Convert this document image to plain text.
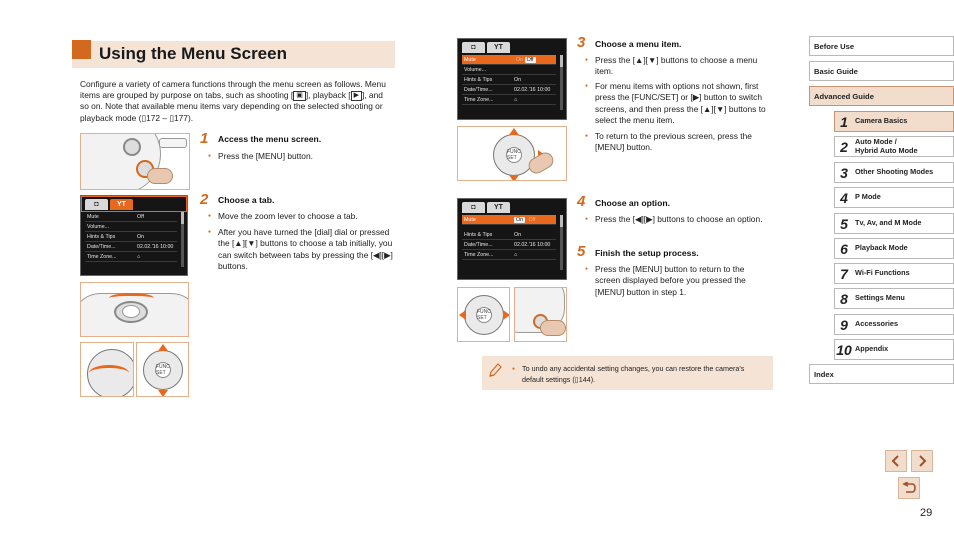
Using the Menu Screen
Configure a variety of camera functions through the menu screen as follows. Menu items are grouped by purpose on tabs, such as shooting [ ▣ ], playback [ ▶ ], and so on. Note that available menu items vary depending on the selected shooting or playback mode (▯172 – ▯177).
◘	YT
Mute	Off
Volume...
Hints & Tips	On
Date/Time...	02.02.'16 10:00
Time Zone...	⌂
FUNC SET
1 Access the menu screen.
● Press the [MENU] button.
2 Choose a tab.
● Move the zoom lever to choose a tab.
● After you have turned the [dial] dial or pressed the [▲][▼] buttons to choose a tab initially, you can switch between tabs by pressing the [◀][▶] buttons.
◘	YT
Mute	On Off
Volume...
Hints & Tips	On
Date/Time...	02.02.'16 10:00
Time Zone...	⌂
FUNC SET
◘	YT
Mute	On Off
Hints & Tips	On
Date/Time...	02.02.'16 10:00
Time Zone...	⌂
FUNC SET
3 Choose a menu item.
● Press the [▲][▼] buttons to choose a menu item.
● For menu items with options not shown, first press the [FUNC/SET] or [▶] button to switch screens, and then press the [▲][▼] buttons to select the menu item.
● To return to the previous screen, press the [MENU] button.
4 Choose an option.
● Press the [◀][▶] buttons to choose an option.
5 Finish the setup process.
● Press the [MENU] button to return to the screen displayed before you pressed the [MENU] button in step 1.
● To undo any accidental setting changes, you can restore the camera's default settings (▯144).
Before Use
Basic Guide
Advanced Guide
1 Camera Basics
2 Auto Mode /
Hybrid Auto Mode
3 Other Shooting Modes
4 P Mode
5 Tv, Av, and M Mode
6 Playback Mode
7 Wi-Fi Functions
8 Settings Menu
9 Accessories
10 Appendix
Index
29
